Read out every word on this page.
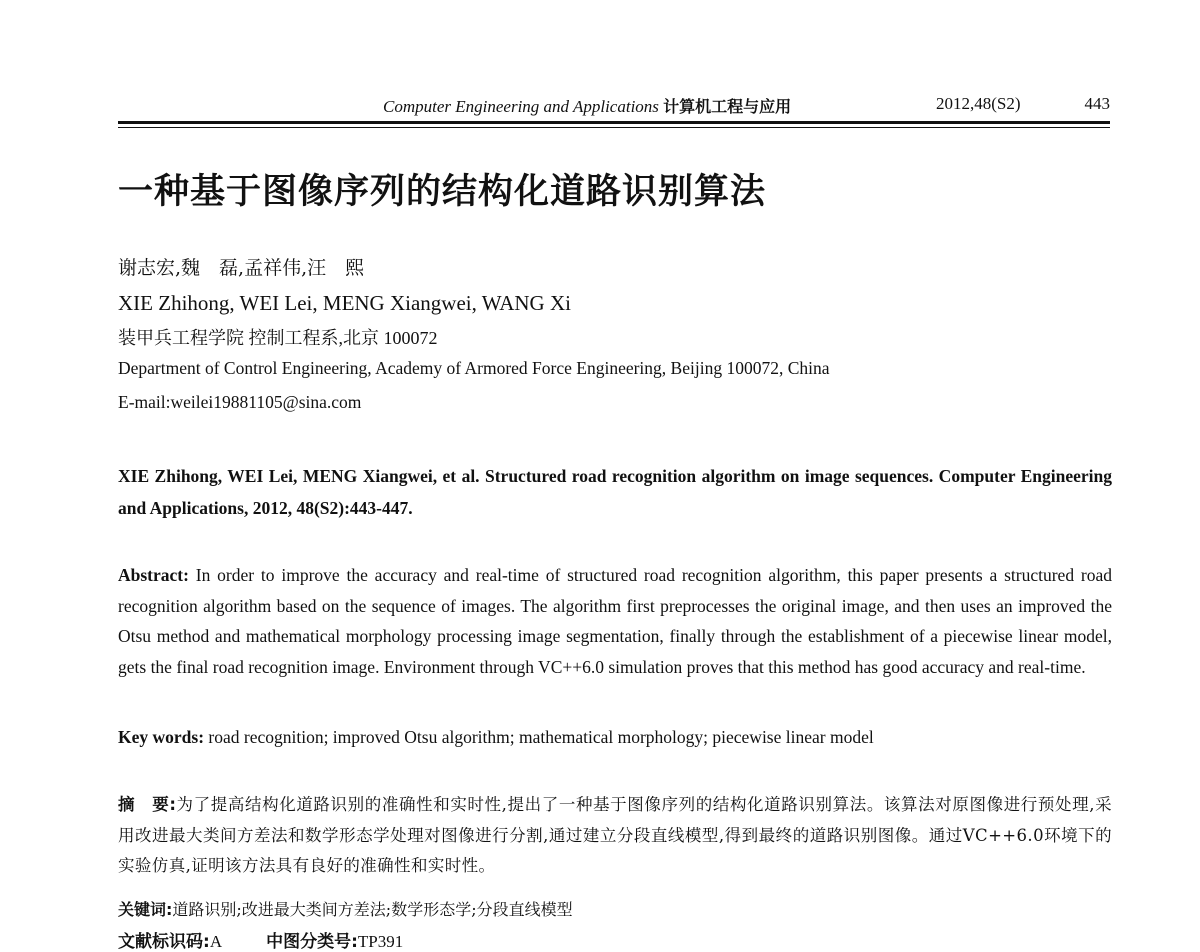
Computer Engineering and Applications 计算机工程与应用	2012,48(S2)	443
一种基于图像序列的结构化道路识别算法
谢志宏,魏　磊,孟祥伟,汪　熙
XIE Zhihong, WEI Lei, MENG Xiangwei, WANG Xi
装甲兵工程学院 控制工程系,北京 100072
Department of Control Engineering, Academy of Armored Force Engineering, Beijing 100072, China
E-mail:weilei19881105@sina.com

XIE Zhihong, WEI Lei, MENG Xiangwei, et al. Structured road recognition algorithm on image sequences. Computer Engineering and Applications, 2012, 48(S2):443-447.

Abstract: In order to improve the accuracy and real-time of structured road recognition algorithm, this paper presents a structured road recognition algorithm based on the sequence of images. The algorithm first preprocesses the original image, and then uses an improved the Otsu method and mathematical morphology processing image segmentation, finally through the establishment of a piecewise linear model, gets the final road recognition image. Environment through VC++6.0 simulation proves that this method has good accuracy and real-time.

Key words: road recognition; improved Otsu algorithm; mathematical morphology; piecewise linear model

摘　要:为了提高结构化道路识别的准确性和实时性,提出了一种基于图像序列的结构化道路识别算法。该算法对原图像进行预处理,采用改进最大类间方差法和数学形态学处理对图像进行分割,通过建立分段直线模型,得到最终的道路识别图像。通过VC++6.0环境下的实验仿真,证明该方法具有良好的准确性和实时性。

关键词:道路识别;改进最大类间方差法;数学形态学;分段直线模型
文献标识码:A	中图分类号:TP391
